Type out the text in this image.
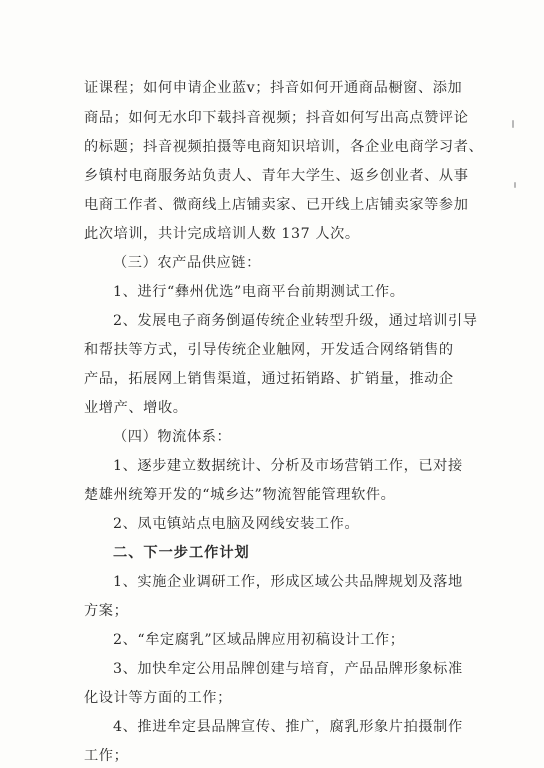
证课程；如何申请企业蓝v；抖音如何开通商品橱窗、添加
商品；如何无水印下载抖音视频；抖音如何写出高点赞评论
的标题；抖音视频拍摄等电商知识培训，各企业电商学习者、
乡镇村电商服务站负责人、青年大学生、返乡创业者、从事
电商工作者、微商线上店铺卖家、已开线上店铺卖家等参加
此次培训，共计完成培训人数 137 人次。
（三）农产品供应链：
1、进行“彝州优选”电商平台前期测试工作。
2、发展电子商务倒逼传统企业转型升级，通过培训引导
和帮扶等方式，引导传统企业触网，开发适合网络销售的
产品，拓展网上销售渠道，通过拓销路、扩销量，推动企
业增产、增收。
（四）物流体系：
1、逐步建立数据统计、分析及市场营销工作，已对接
楚雄州统筹开发的“城乡达”物流智能管理软件。
2、凤屯镇站点电脑及网线安装工作。
二、下一步工作计划
1、实施企业调研工作，形成区域公共品牌规划及落地
方案；
2、“牟定腐乳”区域品牌应用初稿设计工作；
3、加快牟定公用品牌创建与培育，产品品牌形象标准
化设计等方面的工作；
4、推进牟定县品牌宣传、推广，腐乳形象片拍摄制作
工作；
